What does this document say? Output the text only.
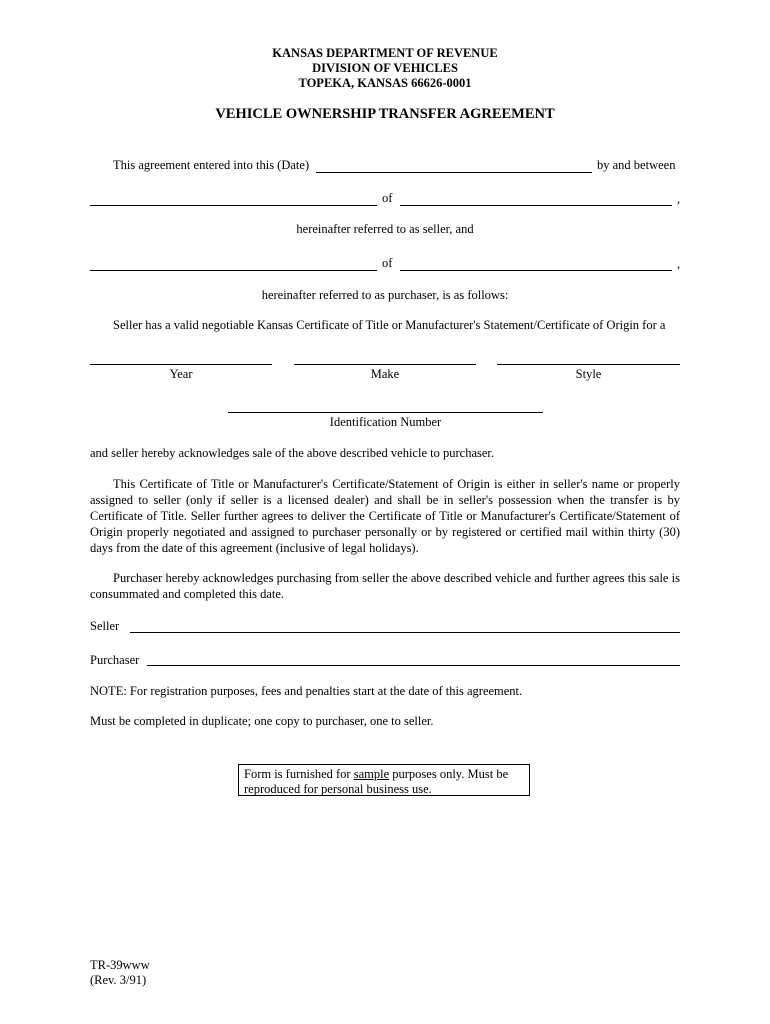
KANSAS DEPARTMENT OF REVENUE
DIVISION OF VEHICLES
TOPEKA, KANSAS 66626-0001
VEHICLE OWNERSHIP TRANSFER AGREEMENT
This agreement entered into this (Date)	by and between
of	,
hereinafter referred to as seller, and
of	,
hereinafter referred to as purchaser, is as follows:
Seller has a valid negotiable Kansas Certificate of Title or Manufacturer's Statement/Certificate of Origin for a
Year	Make	Style
Identification Number
and seller hereby acknowledges sale of the above described vehicle to purchaser.
This Certificate of Title or Manufacturer's Certificate/Statement of Origin is either in seller's name or properly assigned to seller (only if seller is a licensed dealer) and shall be in seller's possession when the transfer is by Certificate of Title. Seller further agrees to deliver the Certificate of Title or Manufacturer's Certificate/Statement of Origin properly negotiated and assigned to purchaser personally or by registered or certified mail within thirty (30) days from the date of this agreement (inclusive of legal holidays).
Purchaser hereby acknowledges purchasing from seller the above described vehicle and further agrees this sale is consummated and completed this date.
Seller
Purchaser
NOTE: For registration purposes, fees and penalties start at the date of this agreement.
Must be completed in duplicate; one copy to purchaser, one to seller.
Form is furnished for sample purposes only. Must be
reproduced for personal business use.
TR-39www
(Rev. 3/91)
